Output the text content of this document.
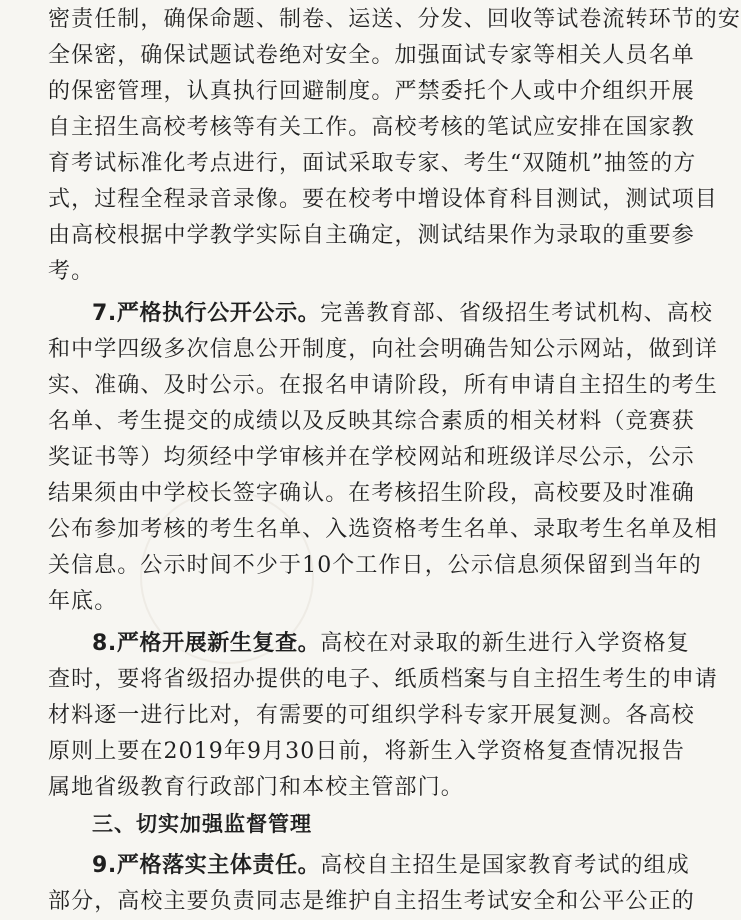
密责任制，确保命题、制卷、运送、分发、回收等试卷流转环节的安
全保密，确保试题试卷绝对安全。加强面试专家等相关人员名单
的保密管理，认真执行回避制度。严禁委托个人或中介组织开展
自主招生高校考核等有关工作。高校考核的笔试应安排在国家教
育考试标准化考点进行，面试采取专家、考生“双随机”抽签的方
式，过程全程录音录像。要在校考中增设体育科目测试，测试项目
由高校根据中学教学实际自主确定，测试结果作为录取的重要参
考。
7.严格执行公开公示。完善教育部、省级招生考试机构、高校
和中学四级多次信息公开制度，向社会明确告知公示网站，做到详
实、准确、及时公示。在报名申请阶段，所有申请自主招生的考生
名单、考生提交的成绩以及反映其综合素质的相关材料（竞赛获
奖证书等）均须经中学审核并在学校网站和班级详尽公示，公示
结果须由中学校长签字确认。在考核招生阶段，高校要及时准确
公布参加考核的考生名单、入选资格考生名单、录取考生名单及相
关信息。公示时间不少于10个工作日，公示信息须保留到当年的
年底。
8.严格开展新生复查。高校在对录取的新生进行入学资格复
查时，要将省级招办提供的电子、纸质档案与自主招生考生的申请
材料逐一进行比对，有需要的可组织学科专家开展复测。各高校
原则上要在2019年9月30日前，将新生入学资格复查情况报告
属地省级教育行政部门和本校主管部门。
三、切实加强监督管理
9.严格落实主体责任。高校自主招生是国家教育考试的组成
部分，高校主要负责同志是维护自主招生考试安全和公平公正的
